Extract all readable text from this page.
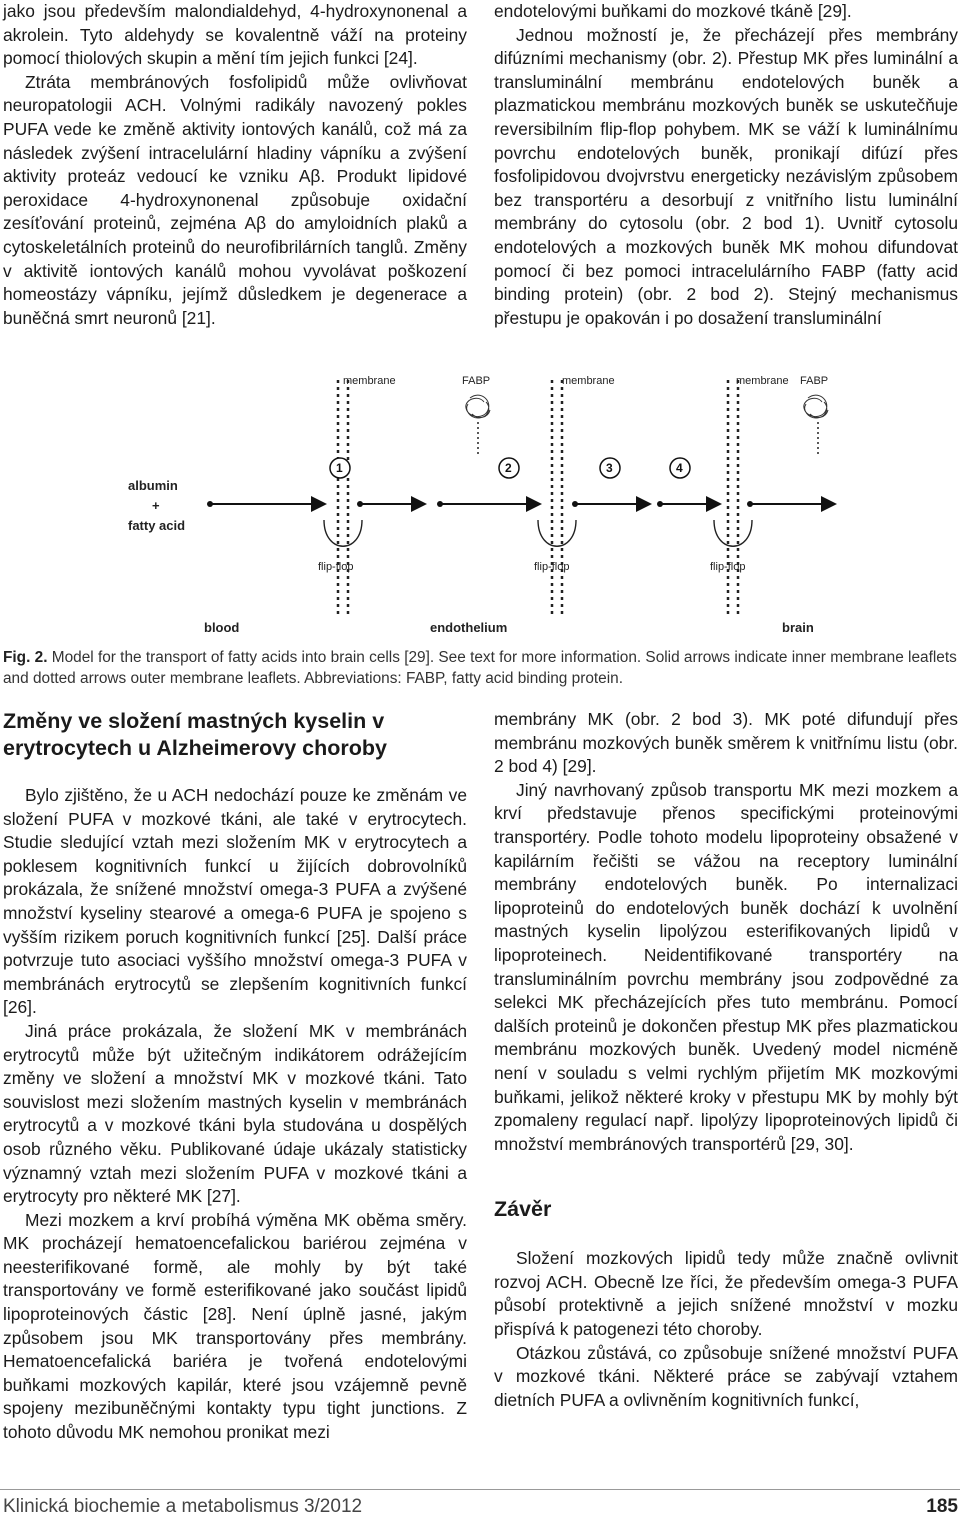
jako jsou především malondialdehyd, 4-hydroxynonenal a akrolein. Tyto aldehydy se kovalentně váží na proteiny pomocí thiolových skupin a mění tím jejich funkci [24].

Ztráta membránových fosfolipidů může ovlivňovat neuropatologii ACH. Volnými radikály navozený pokles PUFA vede ke změně aktivity iontových kanálů, což má za následek zvýšení intracelulární hladiny vápníku a zvýšení aktivity proteáz vedoucí ke vzniku Aβ. Produkt lipidové peroxidace 4-hydroxynonenal způsobuje oxidační zesíťování proteinů, zejména Aβ do amyloidních plaků a cytoskeletálních proteinů do neurofibrilárních tanglů. Změny v aktivitě iontových kanálů mohou vyvolávat poškození homeostázy vápníku, jejímž důsledkem je degenerace a buněčná smrt neuronů [21].

endotelovými buňkami do mozkové tkáně [29].

Jednou možností je, že přecházejí přes membrány difúzními mechanismy (obr. 2). Přestup MK přes luminální a transluminální membránu endotelových buněk a plazmatickou membránu mozkových buněk se uskutečňuje reversibilním flip-flop pohybem. MK se váží k luminálnímu povrchu endotelových buněk, pronikají difúzí přes fosfolipidovou dvojvrstvu energeticky nezávislým způsobem bez transportéru a desorbují z vnitřního listu luminální membrány do cytosolu (obr. 2 bod 1). Uvnitř cytosolu endotelových a mozkových buněk MK mohou difundovat pomocí či bez pomoci intracelulárního FABP (fatty acid binding protein) (obr. 2 bod 2). Stejný mechanismus přestupu je opakován i po dosažení transluminální

membrane	membrane	membrane
FABP	FABP
1	2	3	4
albumin
+
fatty acid
flip-flop	flip-flop	flip-flop
blood	endothelium	brain
Fig. 2. Model for the transport of fatty acids into brain cells [29]. See text for more information. Solid arrows indicate inner membrane leaflets and dotted arrows outer membrane leaflets. Abbreviations: FABP, fatty acid binding protein.
Změny ve složení mastných kyselin v erytrocytech u Alzheimerovy choroby

Bylo zjištěno, že u ACH nedochází pouze ke změnám ve složení PUFA v mozkové tkáni, ale také v erytrocytech. Studie sledující vztah mezi složením MK v erytrocytech a poklesem kognitivních funkcí u žijících dobrovolníků prokázala, že snížené množství omega-3 PUFA a zvýšené množství kyseliny stearové a omega-6 PUFA je spojeno s vyšším rizikem poruch kognitivních funkcí [25]. Další práce potvrzuje tuto asociaci vyššího množství omega-3 PUFA v membránách erytrocytů se zlepšením kognitivních funkcí [26].

Jiná práce prokázala, že složení MK v membránách erytrocytů může být užitečným indikátorem odrážejícím změny ve složení a množství MK v mozkové tkáni. Tato souvislost mezi složením mastných kyselin v membránách erytrocytů a v mozkové tkáni byla studována u dospělých osob různého věku. Publikované údaje ukázaly statisticky významný vztah mezi složením PUFA v mozkové tkáni a erytrocyty pro některé MK [27].

Mezi mozkem a krví probíhá výměna MK oběma směry. MK procházejí hematoencefalickou bariérou zejména v neesterifikované formě, ale mohly by být také transportovány ve formě esterifikované jako součást lipidů lipoproteinových částic [28]. Není úplně jasné, jakým způsobem jsou MK transportovány přes membrány. Hematoencefalická bariéra je tvořená endotelovými buňkami mozkových kapilár, které jsou vzájemně pevně spojeny mezibuněčnými kontakty typu tight junctions. Z tohoto důvodu MK nemohou pronikat mezi

membrány MK (obr. 2 bod 3). MK poté difundují přes membránu mozkových buněk směrem k vnitřnímu listu (obr. 2 bod 4) [29].

Jiný navrhovaný způsob transportu MK mezi mozkem a krví představuje přenos specifickými proteinovými transportéry. Podle tohoto modelu lipoproteiny obsažené v kapilárním řečišti se vážou na receptory luminální membrány endotelových buněk. Po internalizaci lipoproteinů do endotelových buněk dochází k uvolnění mastných kyselin lipolýzou esterifikovaných lipidů v lipoproteinech. Neidentifikované transportéry na transluminálním povrchu membrány jsou zodpovědné za selekci MK přecházejících přes tuto membránu. Pomocí dalších proteinů je dokončen přestup MK přes plazmatickou membránu mozkových buněk. Uvedený model nicméně není v souladu s velmi rychlým přijetím MK mozkovými buňkami, jelikož některé kroky v přestupu MK by mohly být zpomaleny regulací např. lipolýzy lipoproteinových lipidů či množství membránových transportérů [29, 30].

Závěr

Složení mozkových lipidů tedy může značně ovlivnit rozvoj ACH. Obecně lze říci, že především omega-3 PUFA působí protektivně a jejich snížené množství v mozku přispívá k patogenezi této choroby.

Otázkou zůstává, co způsobuje snížené množství PUFA v mozkové tkáni. Některé práce se zabývají vztahem dietních PUFA a ovlivněním kognitivních funkcí,

Klinická biochemie a metabolismus 3/2012	185
